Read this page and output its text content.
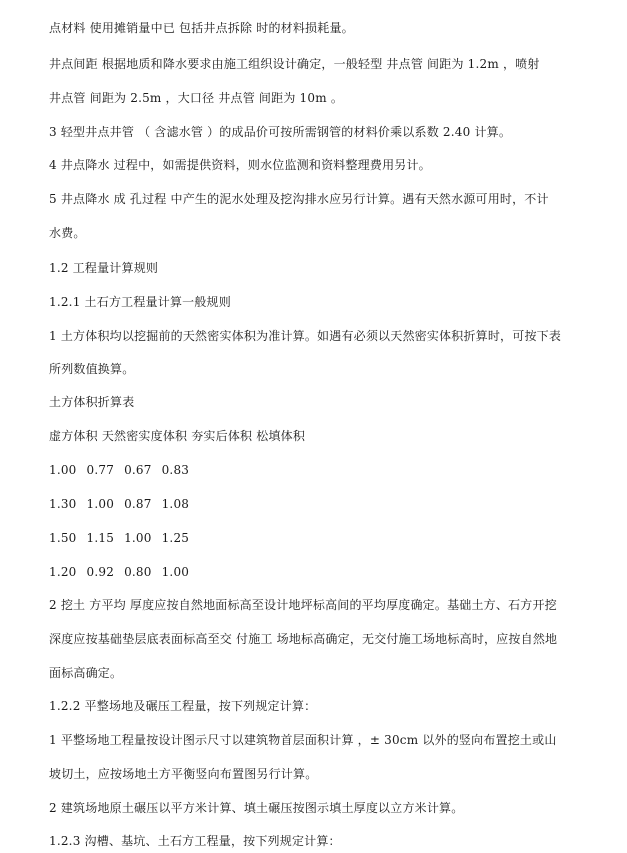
点材料 使用摊销量中已 包括井点拆除 时的材料损耗量。
井点间距 根据地质和降水要求由施工组织设计确定，一般轻型 井点管 间距为 1.2m ，喷射
井点管 间距为 2.5m ，大口径 井点管 间距为 10m 。
3 轻型井点井管 （ 含滤水管 ）的成品价可按所需钢管的材料价乘以系数 2.40 计算。
4 井点降水 过程中，如需提供资料，则水位监测和资料整理费用另计。
5 井点降水 成 孔过程 中产生的泥水处理及挖沟排水应另行计算。遇有天然水源可用时，不计
水费。
1.2 工程量计算规则
1.2.1 土石方工程量计算一般规则
1 土方体积均以挖掘前的天然密实体积为准计算。如遇有必须以天然密实体积折算时，可按下表
所列数值换算。
土方体积折算表
虚方体积 天然密实度体积 夯实后体积 松填体积
1.00 0.77 0.67 0.83
1.30 1.00 0.87 1.08
1.50 1.15 1.00 1.25
1.20 0.92 0.80 1.00
2 挖土 方平均 厚度应按自然地面标高至设计地坪标高间的平均厚度确定。基础土方、石方开挖
深度应按基础垫层底表面标高至交 付施工 场地标高确定，无交付施工场地标高时，应按自然地
面标高确定。
1.2.2 平整场地及碾压工程量，按下列规定计算：
1 平整场地工程量按设计图示尺寸以建筑物首层面积计算 ，± 30cm 以外的竖向布置挖土或山
坡切土，应按场地土方平衡竖向布置图另行计算。
2 建筑场地原土碾压以平方米计算、填土碾压按图示填土厚度以立方米计算。
1.2.3 沟槽、基坑、土石方工程量，按下列规定计算：
